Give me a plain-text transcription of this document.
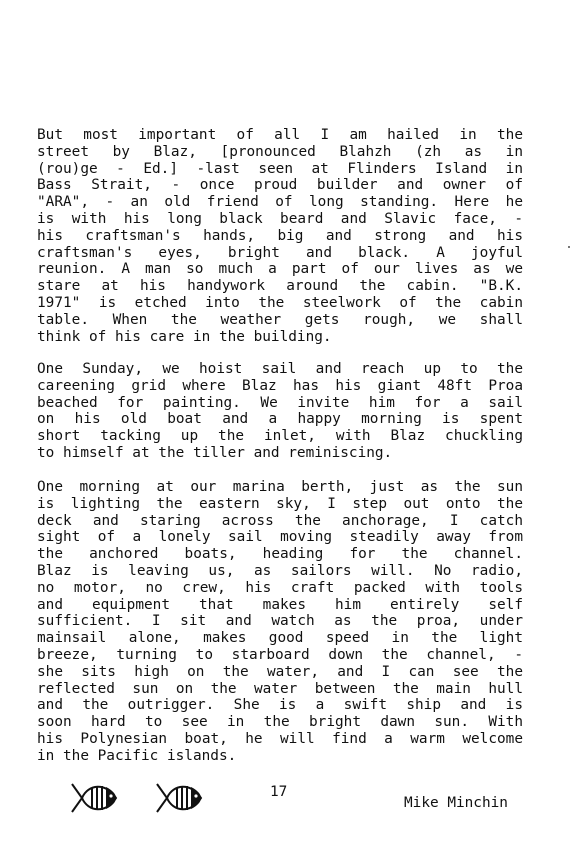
But most important of all I am hailed in the
street by Blaz, [pronounced Blahzh (zh as in
(rou)ge - Ed.] -last seen at Flinders Island in
Bass Strait, - once proud builder and owner of
"ARA", - an old friend of long standing. Here he
is with his long black beard and Slavic face, -
his craftsman's hands, big and strong and his
craftsman's eyes, bright and black. A joyful
reunion. A man so much a part of our lives as we
stare at his handywork around the cabin. "B.K.
1971" is etched into the steelwork of the cabin
table. When the weather gets rough, we shall
think of his care in the building.
One Sunday, we hoist sail and reach up to the
careening grid where Blaz has his giant 48ft Proa
beached for painting. We invite him for a sail
on his old boat and a happy morning is spent
short tacking up the inlet, with Blaz chuckling
to himself at the tiller and reminiscing.
One morning at our marina berth, just as the sun
is lighting the eastern sky, I step out onto the
deck and staring across the anchorage, I catch
sight of a lonely sail moving steadily away from
the anchored boats, heading for the channel.
Blaz is leaving us, as sailors will. No radio,
no motor, no crew, his craft packed with tools
and equipment that makes him entirely self
sufficient. I sit and watch as the proa, under
mainsail alone, makes good speed in the light
breeze, turning to starboard down the channel, -
she sits high on the water, and I can see the
reflected sun on the water between the main hull
and the outrigger. She is a swift ship and is
soon hard to see in the bright dawn sun. With
his Polynesian boat, he will find a warm welcome
in the Pacific islands.
17
Mike Minchin
